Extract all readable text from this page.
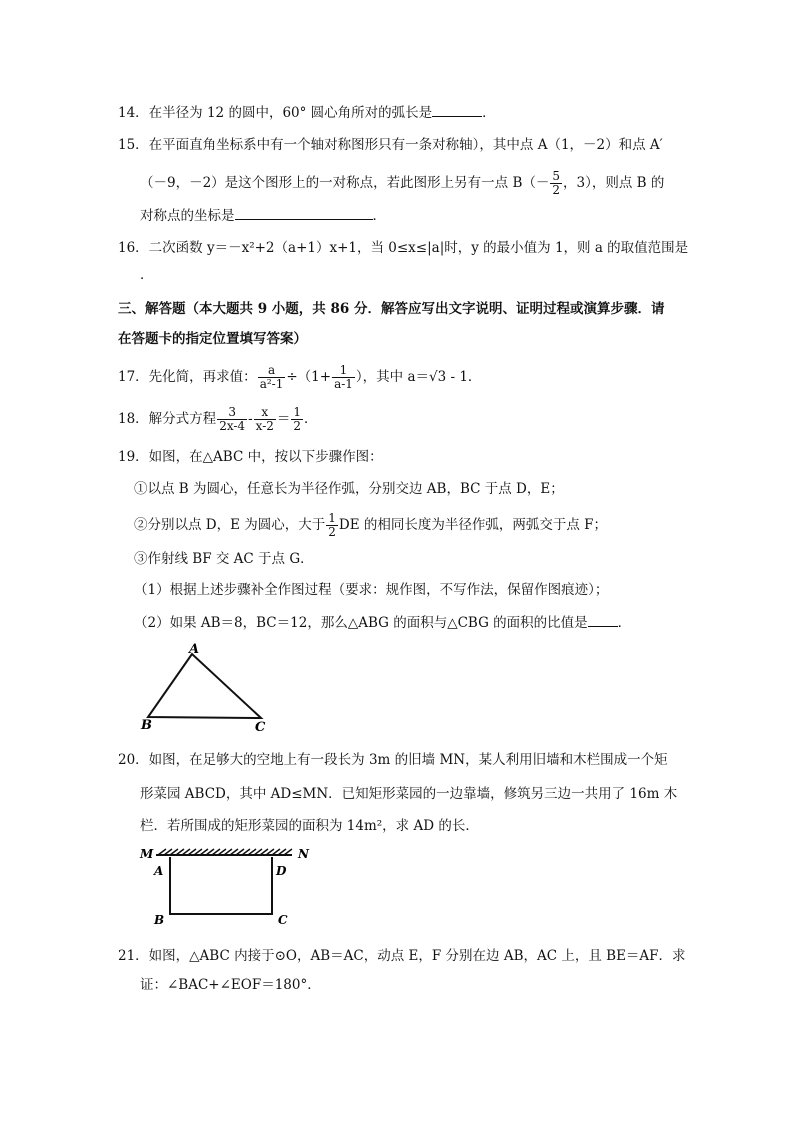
14．在半径为 12 的圆中，60° 圆心角所对的弧长是	．
15．在平面直角坐标系中有一个轴对称图形只有一条对称轴），其中点 A（1，－2）和点 A′
（－9，－2）是这个图形上的一对称点，若此图形上另有一点 $B(- \frac{5}{2}$ ，3），则点 B 的
对称点的坐标是	．
16．二次函数 y＝－x²+2（a+1）x+1，当 0≤x≤|a|时，y 的最小值为 1，则 a 的取值范围是
．
三、解答题（本大题共 9 小题，共 86 分．解答应写出文字说明、证明过程或演算步骤．请
在答题卡的指定位置填写答案）
17．先化简，再求值： $\frac{a}{\text{a²-1}} \div(1+ \frac{1}{a-1}$ ），其中 a＝√3 - 1．
18．解分式方程 $\frac{3}{2x-4} - \frac{x}{x-2} = \frac{1}{2}$ ．
19．如图，在△ABC 中，按以下步骤作图：
①以点 B 为圆心，任意长为半径作弧，分别交边 AB，BC 于点 D，E；
②分别以点 D，E 为圆心，大于 $\frac{1}{2}$ DE 的相同长度为半径作弧，两弧交于点 F；
③作射线 BF 交 AC 于点 G．
（1）根据上述步骤补全作图过程（要求：规作图，不写作法，保留作图痕迹）；
（2）如果 AB＝8，BC＝12，那么△ABG 的面积与△CBG 的面积的比值是 ．
A
B	C
20．如图，在足够大的空地上有一段长为 3m 的旧墙 MN，某人利用旧墙和木栏围成一个矩
形菜园 ABCD，其中 AD≤MN．已知矩形菜园的一边靠墙，修筑另三边一共用了 16m 木
栏．若所围成的矩形菜园的面积为 14m²，求 AD 的长．
M	N
A	D
B	C
21．如图，△ABC 内接于⊙O，AB＝AC，动点 E，F 分别在边 AB，AC 上，且 BE＝AF．求
证：∠BAC+∠EOF＝180°．
